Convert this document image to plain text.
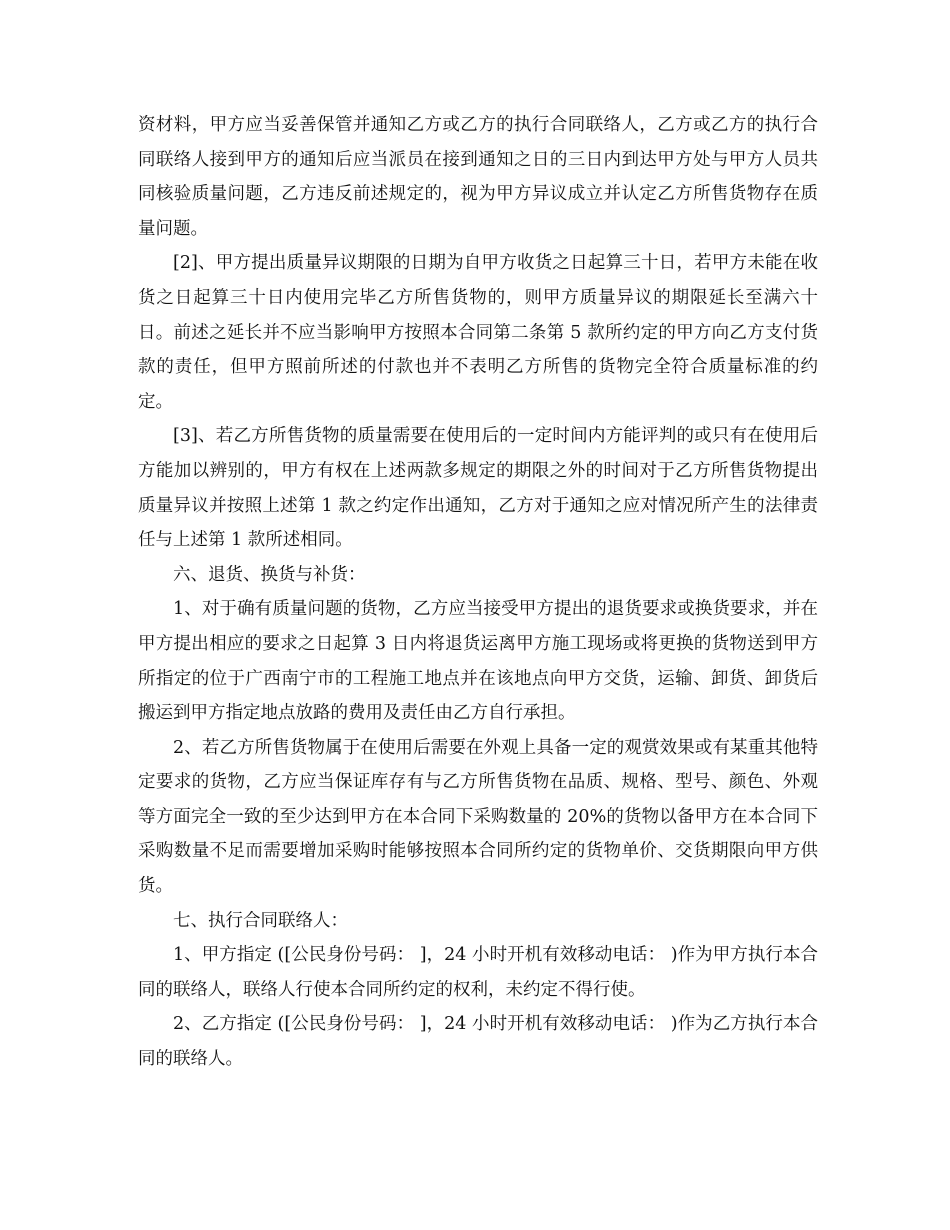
资材料，甲方应当妥善保管并通知乙方或乙方的执行合同联络人，乙方或乙方的执行合同联络人接到甲方的通知后应当派员在接到通知之日的三日内到达甲方处与甲方人员共同核验质量问题，乙方违反前述规定的，视为甲方异议成立并认定乙方所售货物存在质量问题。

[2]、甲方提出质量异议期限的日期为自甲方收货之日起算三十日，若甲方未能在收货之日起算三十日内使用完毕乙方所售货物的，则甲方质量异议的期限延长至满六十日。前述之延长并不应当影响甲方按照本合同第二条第 5 款所约定的甲方向乙方支付货款的责任，但甲方照前所述的付款也并不表明乙方所售的货物完全符合质量标准的约定。

[3]、若乙方所售货物的质量需要在使用后的一定时间内方能评判的或只有在使用后方能加以辨别的，甲方有权在上述两款多规定的期限之外的时间对于乙方所售货物提出质量异议并按照上述第 1 款之约定作出通知，乙方对于通知之应对情况所产生的法律责任与上述第 1 款所述相同。

六、退货、换货与补货：

1、对于确有质量问题的货物，乙方应当接受甲方提出的退货要求或换货要求，并在甲方提出相应的要求之日起算 3 日内将退货运离甲方施工现场或将更换的货物送到甲方所指定的位于广西南宁市的工程施工地点并在该地点向甲方交货，运输、卸货、卸货后搬运到甲方指定地点放路的费用及责任由乙方自行承担。

2、若乙方所售货物属于在使用后需要在外观上具备一定的观赏效果或有某重其他特定要求的货物，乙方应当保证库存有与乙方所售货物在品质、规格、型号、颜色、外观等方面完全一致的至少达到甲方在本合同下采购数量的 20%的货物以备甲方在本合同下采购数量不足而需要增加采购时能够按照本合同所约定的货物单价、交货期限向甲方供货。

七、执行合同联络人：

1、甲方指定 ([公民身份号码： ]，24 小时开机有效移动电话： )作为甲方执行本合同的联络人，联络人行使本合同所约定的权利，未约定不得行使。

2、乙方指定 ([公民身份号码： ]，24 小时开机有效移动电话： )作为乙方执行本合同的联络人。
